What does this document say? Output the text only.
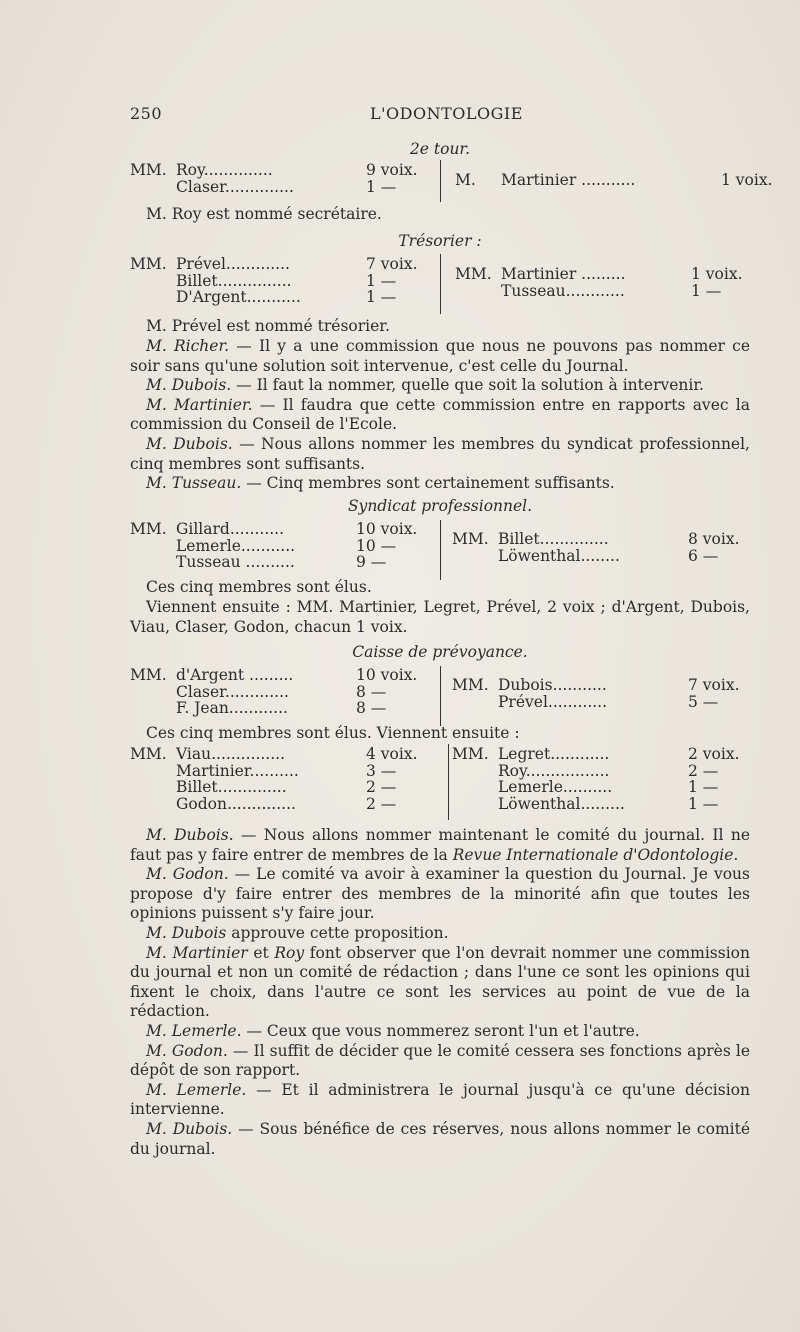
250	L'ODONTOLOGIE
2e tour.
MM.	Roy..............	9 voix.
	Claser..............	1 —	M.	Martinier ...........	1 voix.
M. Roy est nommé secrétaire.
Trésorier :
MM.	Prével.............	7 voix.
	Billet...............	1 —
	D'Argent...........	1 —
MM.	Martinier .........	1 voix.
	Tusseau............	1 —
M. Prével est nommé trésorier.
M. Richer. — Il y a une commission que nous ne pouvons pas nommer ce soir sans qu'une solution soit intervenue, c'est celle du Journal.
M. Dubois. — Il faut la nommer, quelle que soit la solution à intervenir.
M. Martinier. — Il faudra que cette commission entre en rapports avec la commission du Conseil de l'Ecole.
M. Dubois. — Nous allons nommer les membres du syndicat professionnel, cinq membres sont suffisants.
M. Tusseau. — Cinq membres sont certainement suffisants.
Syndicat professionnel.
MM.	Gillard...........	10 voix.
	Lemerle...........	10 —
	Tusseau ..........	9 —
MM.	Billet..............	8 voix.
	Löwenthal........	6 —
Ces cinq membres sont élus.
Viennent ensuite : MM. Martinier, Legret, Prével, 2 voix ; d'Argent, Dubois, Viau, Claser, Godon, chacun 1 voix.
Caisse de prévoyance.
MM.	d'Argent .........	10 voix.
	Claser.............	8 —
	F. Jean............	8 —
MM.	Dubois...........	7 voix.
	Prével............	5 —
Ces cinq membres sont élus. Viennent ensuite :
MM.	Viau...............	4 voix.
	Martinier..........	3 —
	Billet..............	2 —
	Godon..............	2 —
MM.	Legret............	2 voix.
	Roy.................	2 —
	Lemerle..........	1 —
	Löwenthal.........	1 —
M. Dubois. — Nous allons nommer maintenant le comité du journal. Il ne faut pas y faire entrer de membres de la Revue Internationale d'Odontologie.
M. Godon. — Le comité va avoir à examiner la question du Journal. Je vous propose d'y faire entrer des membres de la minorité afin que toutes les opinions puissent s'y faire jour.
M. Dubois approuve cette proposition.
M. Martinier et Roy font observer que l'on devrait nommer une commission du journal et non un comité de rédaction ; dans l'une ce sont les opinions qui fixent le choix, dans l'autre ce sont les services au point de vue de la rédaction.
M. Lemerle. — Ceux que vous nommerez seront l'un et l'autre.
M. Godon. — Il suffit de décider que le comité cessera ses fonctions après le dépôt de son rapport.
M. Lemerle. — Et il administrera le journal jusqu'à ce qu'une décision intervienne.
M. Dubois. — Sous bénéfice de ces réserves, nous allons nommer le comité du journal.
